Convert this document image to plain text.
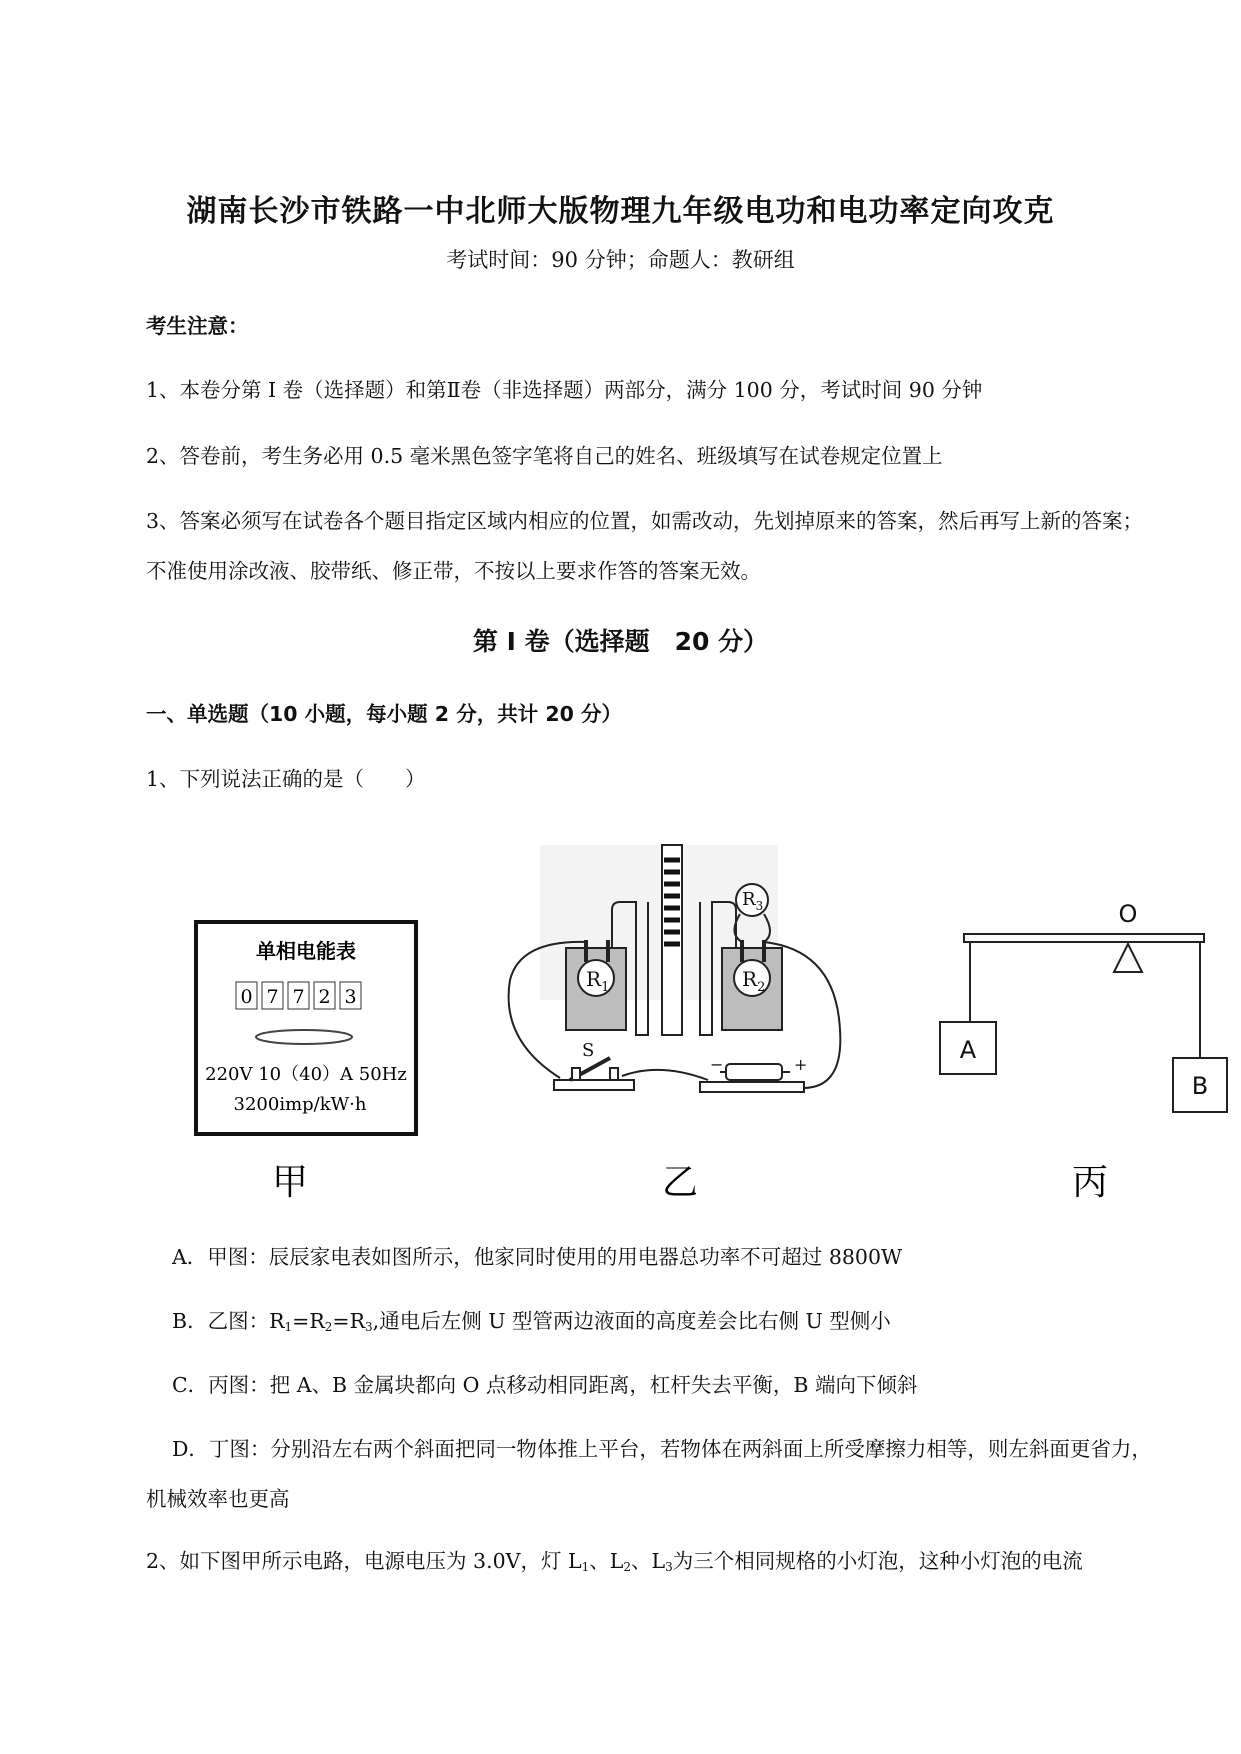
湖南长沙市铁路一中北师大版物理九年级电功和电功率定向攻克
考试时间：90 分钟；命题人：教研组
考生注意：
1、本卷分第 I 卷（选择题）和第Ⅱ卷（非选择题）两部分，满分 100 分，考试时间 90 分钟
2、答卷前，考生务必用 0.5 毫米黑色签字笔将自己的姓名、班级填写在试卷规定位置上
3、答案必须写在试卷各个题目指定区域内相应的位置，如需改动，先划掉原来的答案，然后再写上新的答案；不准使用涂改液、胶带纸、修正带，不按以上要求作答的答案无效。
第 I 卷（选择题　20 分）
一、单选题（10 小题，每小题 2 分，共计 20 分）
1、下列说法正确的是（　　）
单相电能表
0 7 7 2 3
220V 10（40）A 50Hz
3200imp/kW·h
甲
$R_1$	$R_2$
$R_3$
S
−	+
乙
O
A
B
丙
A．甲图：辰辰家电表如图所示，他家同时使用的用电器总功率不可超过 8800W
B．乙图：$R_1=R_2=R_3$,通电后左侧 U 型管两边液面的高度差会比右侧 U 型侧小
C．丙图：把 A、B 金属块都向 O 点移动相同距离，杠杆失去平衡，B 端向下倾斜
D．丁图：分别沿左右两个斜面把同一物体推上平台，若物体在两斜面上所受摩擦力相等，则左斜面更省力，机械效率也更高
2、如下图甲所示电路，电源电压为 3.0V，灯 $L_1$、$L_2$、$L_3$为三个相同规格的小灯泡，这种小灯泡的电流
